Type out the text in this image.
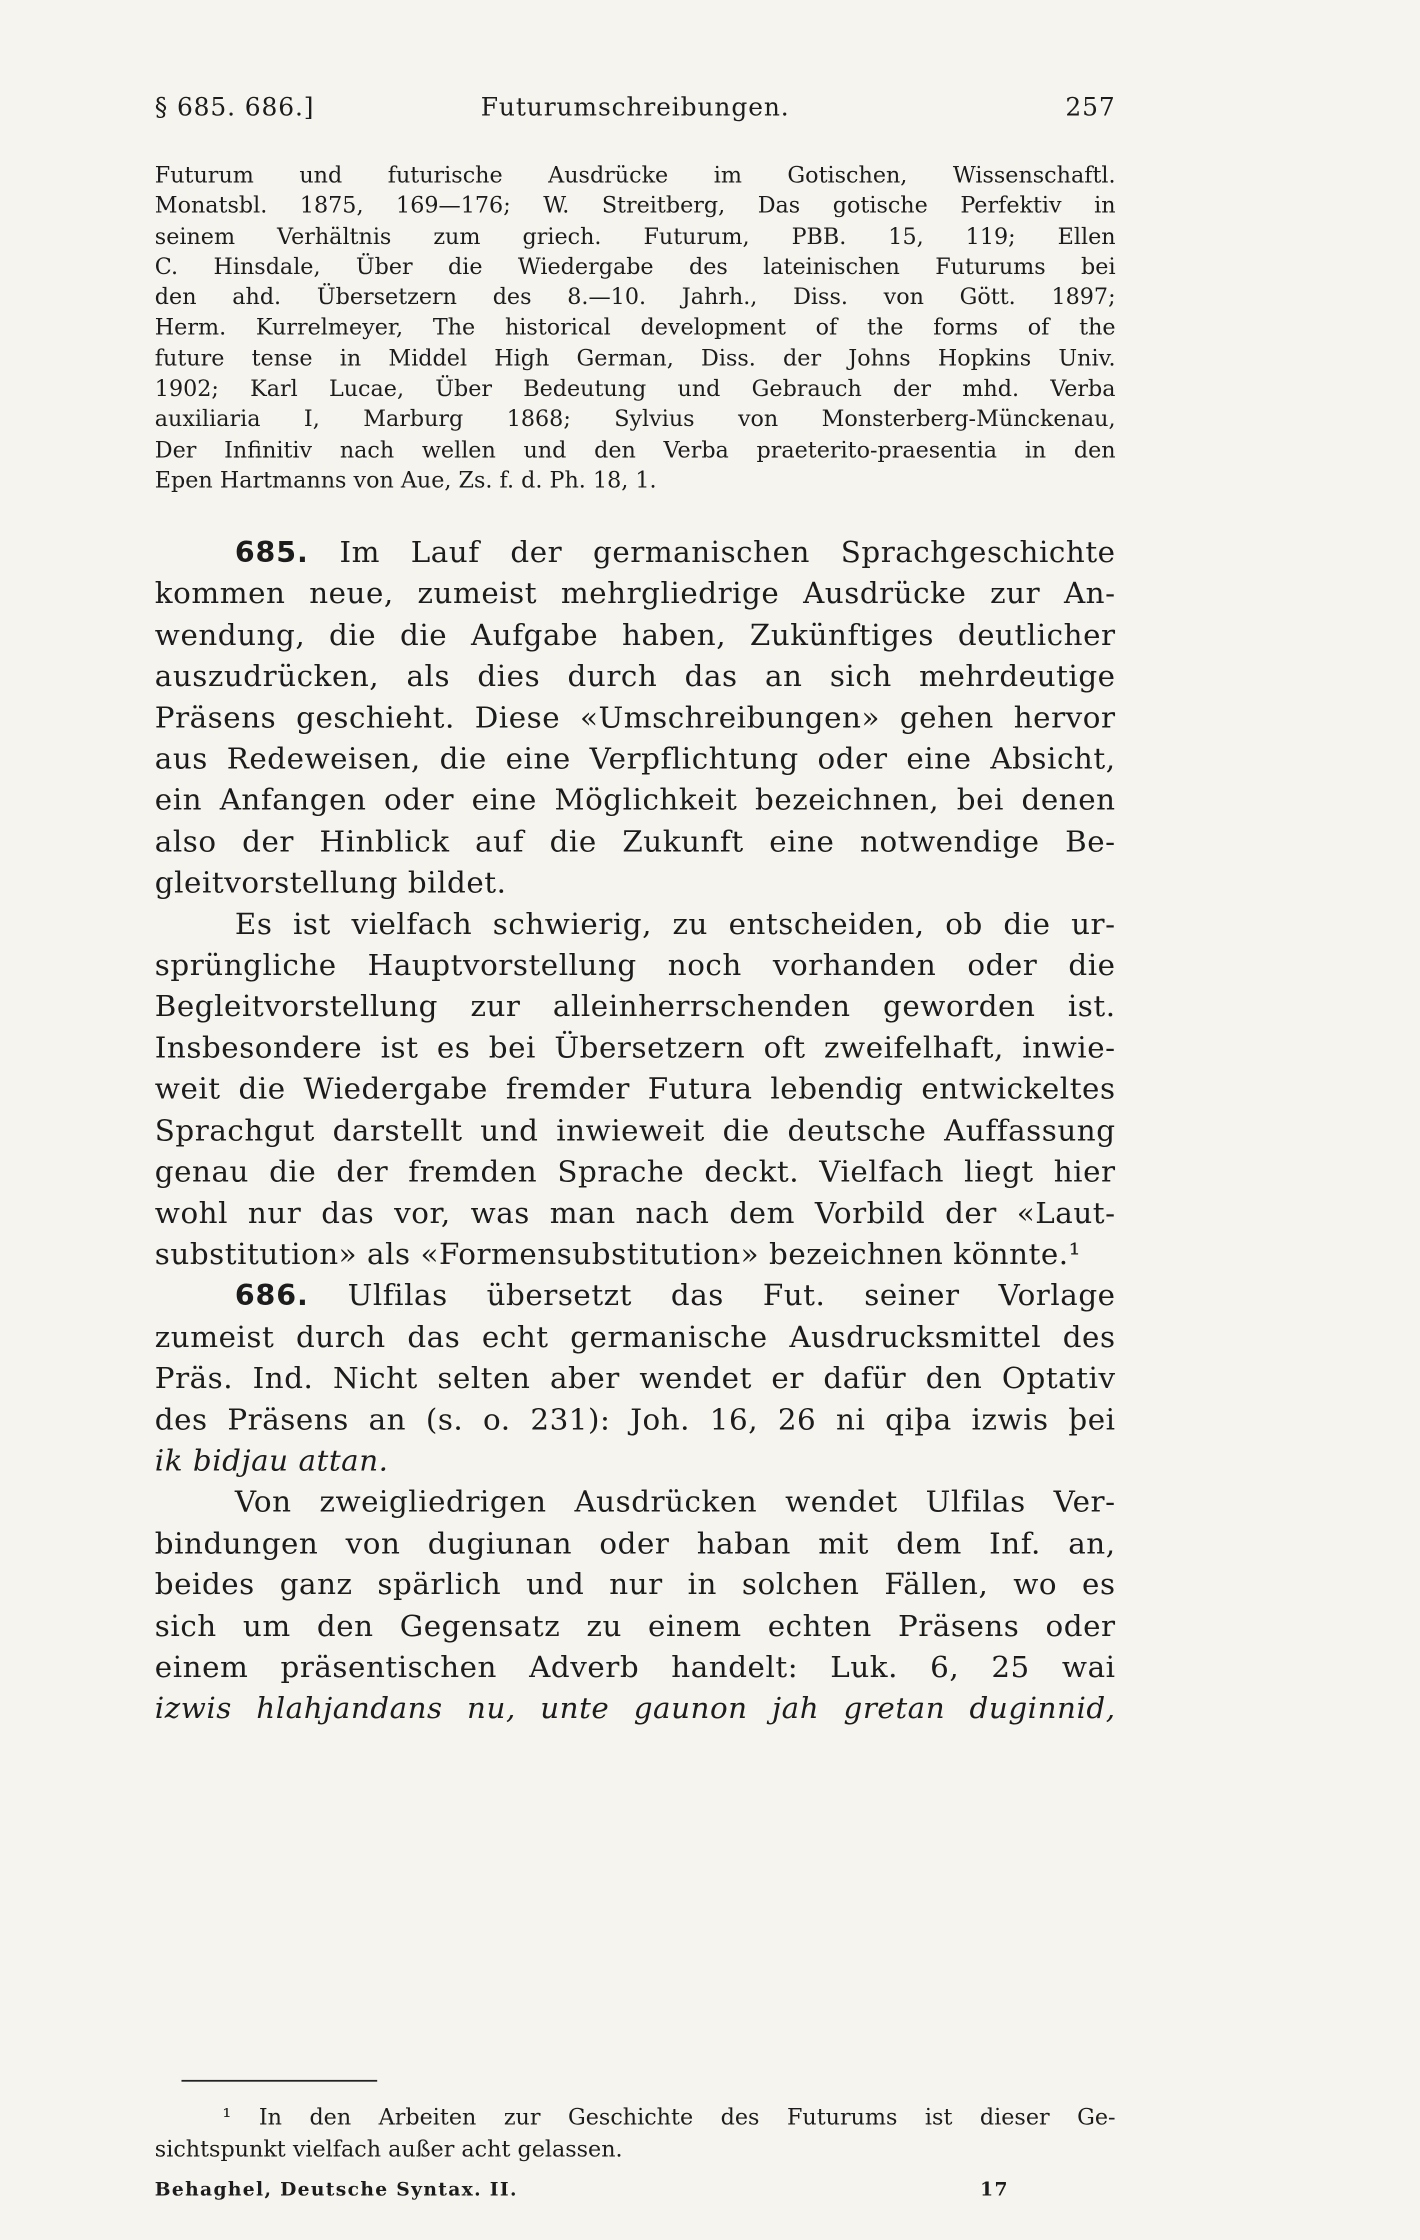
§ 685. 686.]	Futurumschreibungen.	257
Futurum und futurische Ausdrücke im Gotischen, Wissenschaftl.
Monatsbl. 1875, 169—176; W. Streitberg, Das gotische Perfektiv in
seinem Verhältnis zum griech. Futurum, PBB. 15, 119; Ellen
C. Hinsdale, Über die Wiedergabe des lateinischen Futurums bei
den ahd. Übersetzern des 8.—10. Jahrh., Diss. von Gött. 1897;
Herm. Kurrelmeyer, The historical development of the forms of the
future tense in Middel High German, Diss. der Johns Hopkins Univ.
1902; Karl Lucae, Über Bedeutung und Gebrauch der mhd. Verba
auxiliaria I, Marburg 1868; Sylvius von Monsterberg-Münckenau,
Der Infinitiv nach wellen und den Verba praeterito-praesentia in den
Epen Hartmanns von Aue, Zs. f. d. Ph. 18, 1.
685. Im Lauf der germanischen Sprachgeschichte
kommen neue, zumeist mehrgliedrige Ausdrücke zur An-
wendung, die die Aufgabe haben, Zukünftiges deutlicher
auszudrücken, als dies durch das an sich mehrdeutige
Präsens geschieht. Diese «Umschreibungen» gehen hervor
aus Redeweisen, die eine Verpflichtung oder eine Absicht,
ein Anfangen oder eine Möglichkeit bezeichnen, bei denen
also der Hinblick auf die Zukunft eine notwendige Be-
gleitvorstellung bildet.
Es ist vielfach schwierig, zu entscheiden, ob die ur-
sprüngliche Hauptvorstellung noch vorhanden oder die
Begleitvorstellung zur alleinherrschenden geworden ist.
Insbesondere ist es bei Übersetzern oft zweifelhaft, inwie-
weit die Wiedergabe fremder Futura lebendig entwickeltes
Sprachgut darstellt und inwieweit die deutsche Auffassung
genau die der fremden Sprache deckt. Vielfach liegt hier
wohl nur das vor, was man nach dem Vorbild der «Laut-
substitution» als «Formensubstitution» bezeichnen könnte.¹
686. Ulfilas übersetzt das Fut. seiner Vorlage
zumeist durch das echt germanische Ausdrucksmittel des
Präs. Ind. Nicht selten aber wendet er dafür den Optativ
des Präsens an (s. o. 231): Joh. 16, 26 ni qiþa izwis þei
ik bidjau attan.
Von zweigliedrigen Ausdrücken wendet Ulfilas Ver-
bindungen von dugiunan oder haban mit dem Inf. an,
beides ganz spärlich und nur in solchen Fällen, wo es
sich um den Gegensatz zu einem echten Präsens oder
einem präsentischen Adverb handelt: Luk. 6, 25 wai
izwis hlahjandans nu, unte gaunon jah gretan duginnid,
¹ In den Arbeiten zur Geschichte des Futurums ist dieser Ge-
sichtspunkt vielfach außer acht gelassen.
Behaghel, Deutsche Syntax. II.	17
